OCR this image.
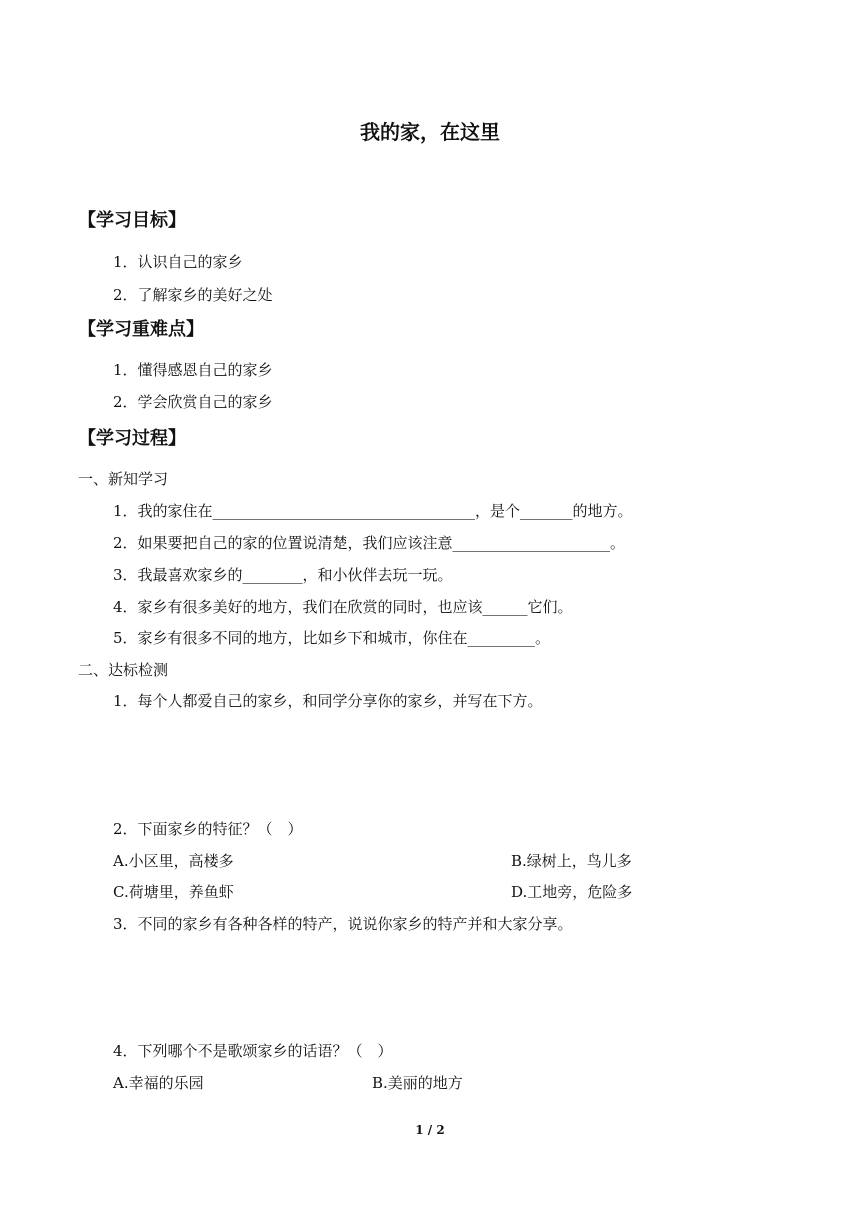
我的家，在这里
【学习目标】
1．认识自己的家乡
2．了解家乡的美好之处
【学习重难点】
1．懂得感恩自己的家乡
2．学会欣赏自己的家乡
【学习过程】
一、新知学习
1．我的家住在___________________________________，是个_______的地方。
2．如果要把自己的家的位置说清楚，我们应该注意_____________________。
3．我最喜欢家乡的________，和小伙伴去玩一玩。
4．家乡有很多美好的地方，我们在欣赏的同时，也应该______它们。
5．家乡有很多不同的地方，比如乡下和城市，你住在_________。
二、达标检测
1．每个人都爱自己的家乡，和同学分享你的家乡，并写在下方。
2．下面家乡的特征？（　）
A.小区里，高楼多	B.绿树上，鸟儿多
C.荷塘里，养鱼虾	D.工地旁，危险多
3．不同的家乡有各种各样的特产，说说你家乡的特产并和大家分享。
4．下列哪个不是歌颂家乡的话语？（　）
A.幸福的乐园	B.美丽的地方
1 / 2
